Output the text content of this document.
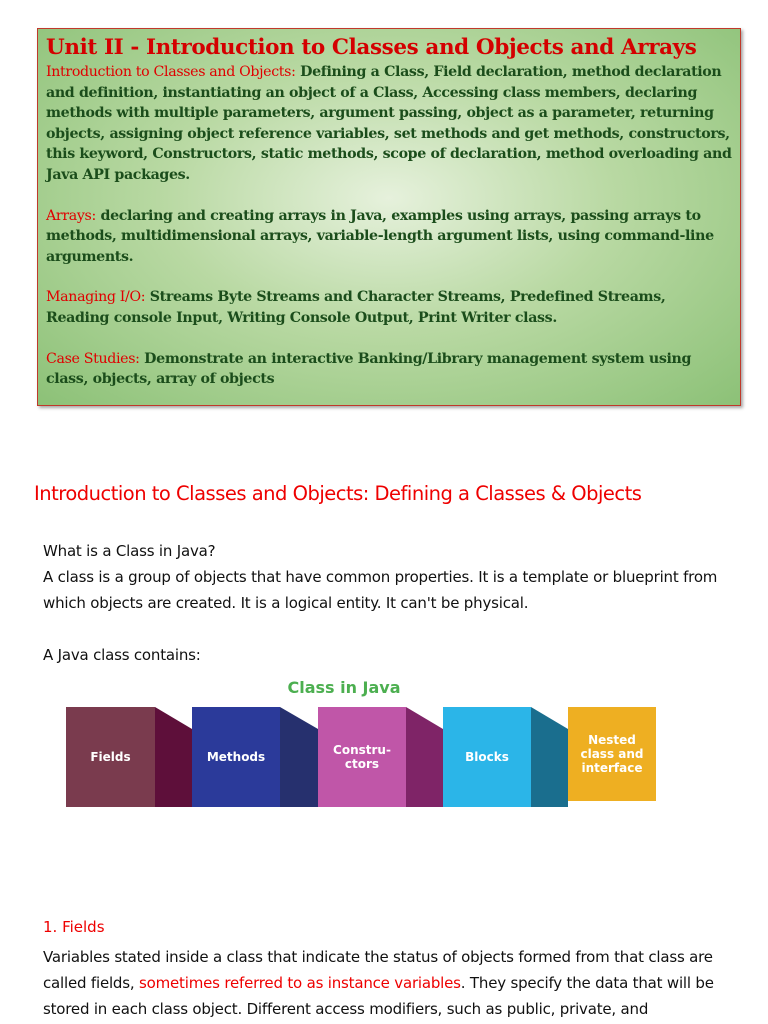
Unit II - Introduction to Classes and Objects and Arrays

Introduction to Classes and Objects: Defining a Class, Field declaration, method declaration and definition, instantiating an object of a Class, Accessing class members, declaring methods with multiple parameters, argument passing, object as a parameter, returning objects, assigning object reference variables, set methods and get methods, constructors, this keyword, Constructors, static methods, scope of declaration, method overloading and Java API packages.

Arrays: declaring and creating arrays in Java, examples using arrays, passing arrays to methods, multidimensional arrays, variable-length argument lists, using command-line arguments.

Managing I/O: Streams Byte Streams and Character Streams, Predefined Streams, Reading console Input, Writing Console Output, Print Writer class.

Case Studies: Demonstrate an interactive Banking/Library management system using class, objects, array of objects

Introduction to Classes and Objects: Defining a Classes & Objects
What is a Class in Java?
A class is a group of objects that have common properties. It is a template or blueprint from which objects are created. It is a logical entity. It can't be physical.
A Java class contains:
Class in Java
Fields	Methods	Constru-
ctors	Blocks
Nested
class and
interface
1. Fields
Variables stated inside a class that indicate the status of objects formed from that class are called fields, sometimes referred to as instance variables. They specify the data that will be stored in each class object. Different access modifiers, such as public, private, and
